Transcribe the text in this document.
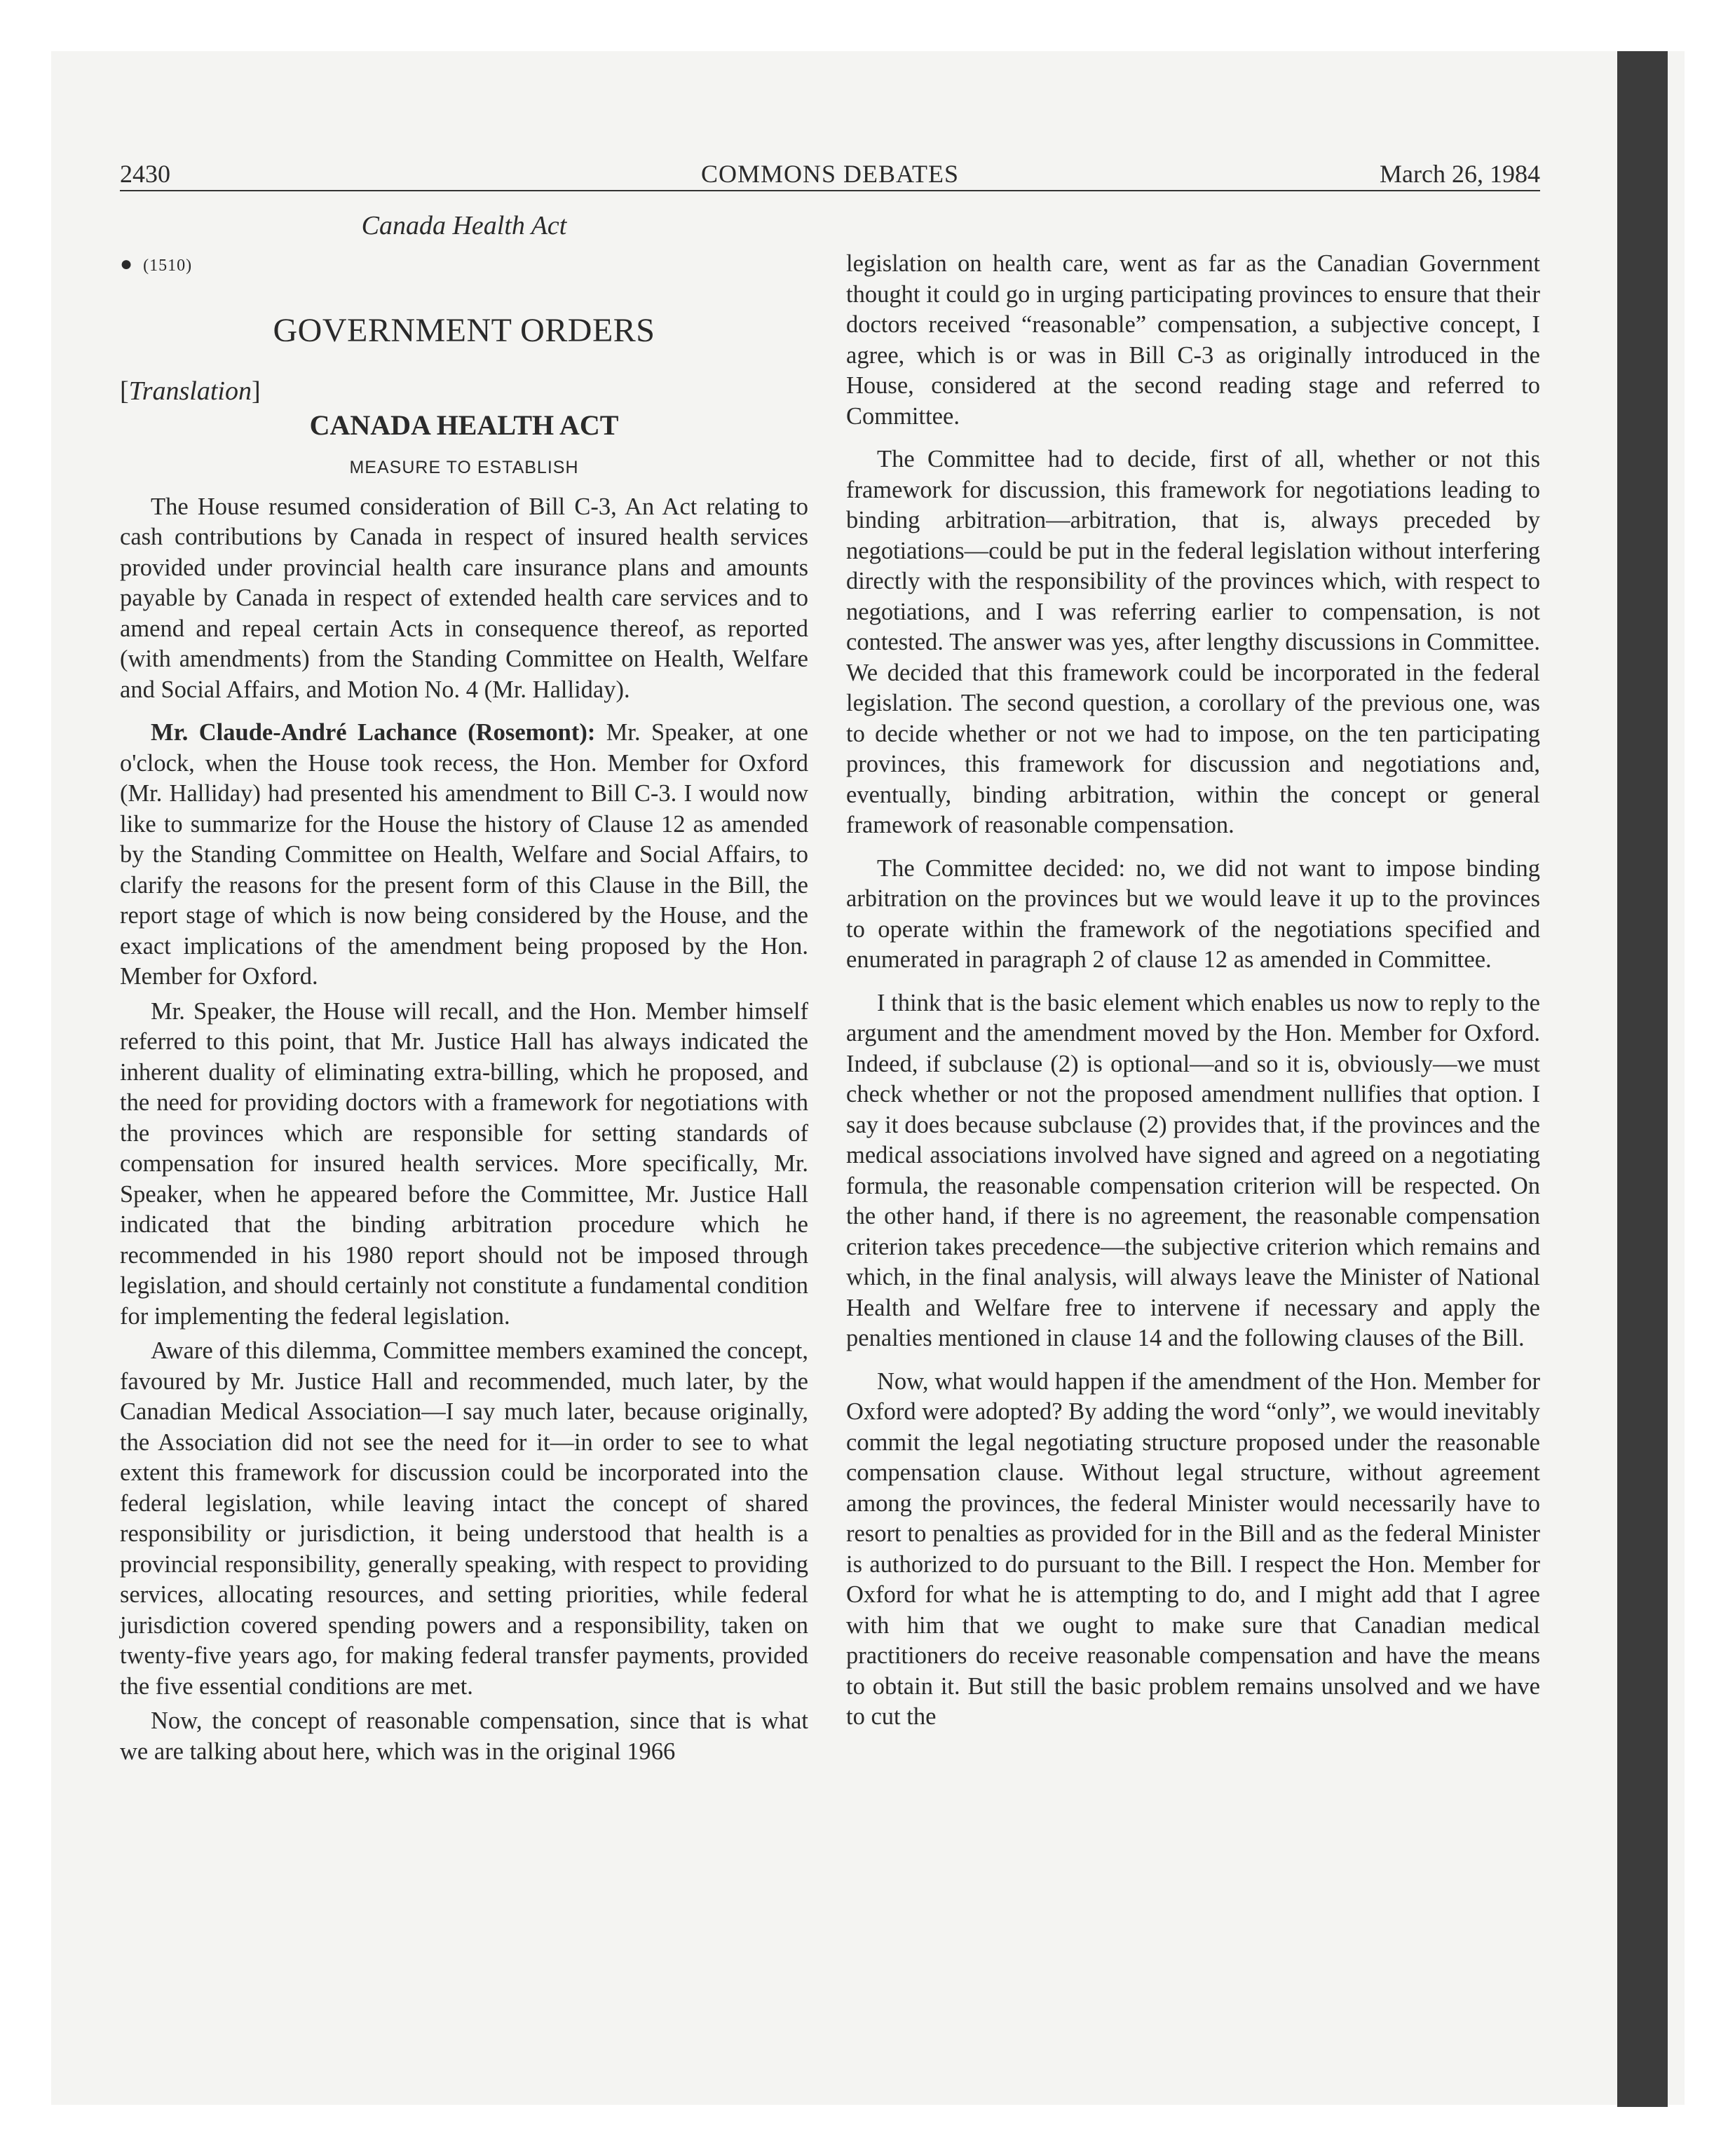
2430	COMMONS DEBATES	March 26, 1984
Canada Health Act
● (1510)
GOVERNMENT ORDERS
[Translation]
CANADA HEALTH ACT
MEASURE TO ESTABLISH

The House resumed consideration of Bill C-3, An Act relating to cash contributions by Canada in respect of insured health services provided under provincial health care insurance plans and amounts payable by Canada in respect of extended health care services and to amend and repeal certain Acts in consequence thereof, as reported (with amendments) from the Standing Committee on Health, Welfare and Social Affairs, and Motion No. 4 (Mr. Halliday).

Mr. Claude-André Lachance (Rosemont): Mr. Speaker, at one o'clock, when the House took recess, the Hon. Member for Oxford (Mr. Halliday) had presented his amendment to Bill C-3. I would now like to summarize for the House the history of Clause 12 as amended by the Standing Committee on Health, Welfare and Social Affairs, to clarify the reasons for the present form of this Clause in the Bill, the report stage of which is now being considered by the House, and the exact implications of the amendment being proposed by the Hon. Member for Oxford.

Mr. Speaker, the House will recall, and the Hon. Member himself referred to this point, that Mr. Justice Hall has always indicated the inherent duality of eliminating extra-billing, which he proposed, and the need for providing doctors with a framework for negotiations with the provinces which are responsible for setting standards of compensation for insured health services. More specifically, Mr. Speaker, when he appeared before the Committee, Mr. Justice Hall indicated that the binding arbitration procedure which he recommended in his 1980 report should not be imposed through legislation, and should certainly not constitute a fundamental condition for implementing the federal legislation.

Aware of this dilemma, Committee members examined the concept, favoured by Mr. Justice Hall and recommended, much later, by the Canadian Medical Association—I say much later, because originally, the Association did not see the need for it—in order to see to what extent this framework for discussion could be incorporated into the federal legislation, while leaving intact the concept of shared responsibility or jurisdiction, it being understood that health is a provincial responsibility, generally speaking, with respect to providing services, allocating resources, and setting priorities, while federal jurisdiction covered spending powers and a responsibility, taken on twenty-five years ago, for making federal transfer payments, provided the five essential conditions are met.

Now, the concept of reasonable compensation, since that is what we are talking about here, which was in the original 1966

legislation on health care, went as far as the Canadian Government thought it could go in urging participating provinces to ensure that their doctors received “reasonable” compensation, a subjective concept, I agree, which is or was in Bill C-3 as originally introduced in the House, considered at the second reading stage and referred to Committee.

The Committee had to decide, first of all, whether or not this framework for discussion, this framework for negotiations leading to binding arbitration—arbitration, that is, always preceded by negotiations—could be put in the federal legislation without interfering directly with the responsibility of the provinces which, with respect to negotiations, and I was referring earlier to compensation, is not contested. The answer was yes, after lengthy discussions in Committee. We decided that this framework could be incorporated in the federal legislation. The second question, a corollary of the previous one, was to decide whether or not we had to impose, on the ten participating provinces, this framework for discussion and negotiations and, eventually, binding arbitration, within the concept or general framework of reasonable compensation.

The Committee decided: no, we did not want to impose binding arbitration on the provinces but we would leave it up to the provinces to operate within the framework of the negotiations specified and enumerated in paragraph 2 of clause 12 as amended in Committee.

I think that is the basic element which enables us now to reply to the argument and the amendment moved by the Hon. Member for Oxford. Indeed, if subclause (2) is optional—and so it is, obviously—we must check whether or not the proposed amendment nullifies that option. I say it does because subclause (2) provides that, if the provinces and the medical associations involved have signed and agreed on a negotiating formula, the reasonable compensation criterion will be respected. On the other hand, if there is no agreement, the reasonable compensation criterion takes precedence—the subjective criterion which remains and which, in the final analysis, will always leave the Minister of National Health and Welfare free to intervene if necessary and apply the penalties mentioned in clause 14 and the following clauses of the Bill.

Now, what would happen if the amendment of the Hon. Member for Oxford were adopted? By adding the word “only”, we would inevitably commit the legal negotiating structure proposed under the reasonable compensation clause. Without legal structure, without agreement among the provinces, the federal Minister would necessarily have to resort to penalties as provided for in the Bill and as the federal Minister is authorized to do pursuant to the Bill. I respect the Hon. Member for Oxford for what he is attempting to do, and I might add that I agree with him that we ought to make sure that Canadian medical practitioners do receive reasonable compensation and have the means to obtain it. But still the basic problem remains unsolved and we have to cut the
